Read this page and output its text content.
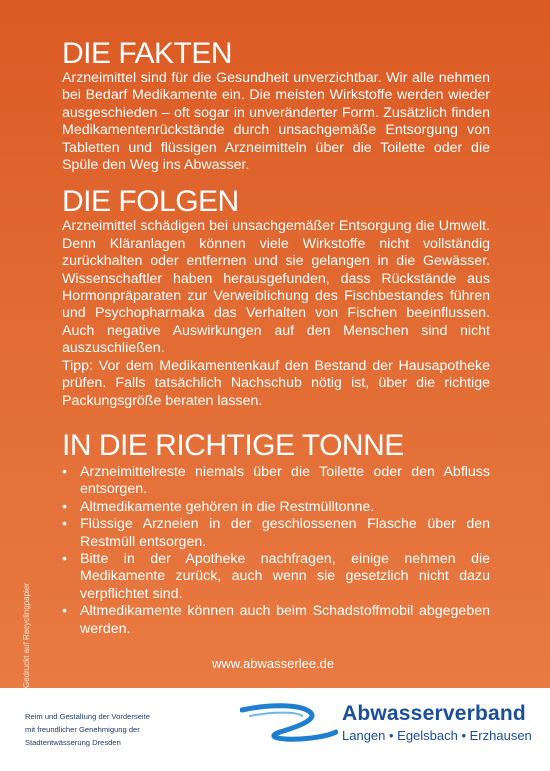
DIE FAKTEN

Arzneimittel sind für die Gesundheit unverzichtbar. Wir alle nehmen bei Bedarf Medikamente ein. Die meisten Wirkstoffe werden wieder ausgeschieden – oft sogar in unveränderter Form. Zusätzlich finden Medikamentenrückstände durch unsachgemäße Entsorgung von Tabletten und flüssigen Arzneimitteln über die Toilette oder die Spüle den Weg ins Abwasser.

DIE FOLGEN

Arzneimittel schädigen bei unsachgemäßer Entsorgung die Umwelt. Denn Kläranlagen können viele Wirkstoffe nicht vollständig zurückhalten oder entfernen und sie gelangen in die Gewässer. Wissenschaftler haben herausgefunden, dass Rückstände aus Hormonpräparaten zur Verweiblichung des Fischbestandes führen und Psychopharmaka das Verhalten von Fischen beeinflussen. Auch negative Auswirkungen auf den Menschen sind nicht auszuschließen.

Tipp: Vor dem Medikamentenkauf den Bestand der Hausapotheke prüfen. Falls tatsächlich Nachschub nötig ist, über die richtige Packungsgröße beraten lassen.

IN DIE RICHTIGE TONNE
• Arzneimittelreste niemals über die Toilette oder den Abfluss entsorgen.
• Altmedikamente gehören in die Restmülltonne.
• Flüssige Arzneien in der geschlossenen Flasche über den Restmüll entsorgen.
• Bitte in der Apotheke nachfragen, einige nehmen die Medikamente zurück, auch wenn sie gesetzlich nicht dazu verpflichtet sind.
• Altmedikamente können auch beim Schadstoffmobil abgegeben werden.
www.abwasserlee.de
Gedruckt auf Recyclingpapier
Reim und Gestaltung der Vorderseite
mit freundlicher Genehmigung der
Stadtentwässerung Dresden
Abwasserverband
Langen • Egelsbach • Erzhausen
